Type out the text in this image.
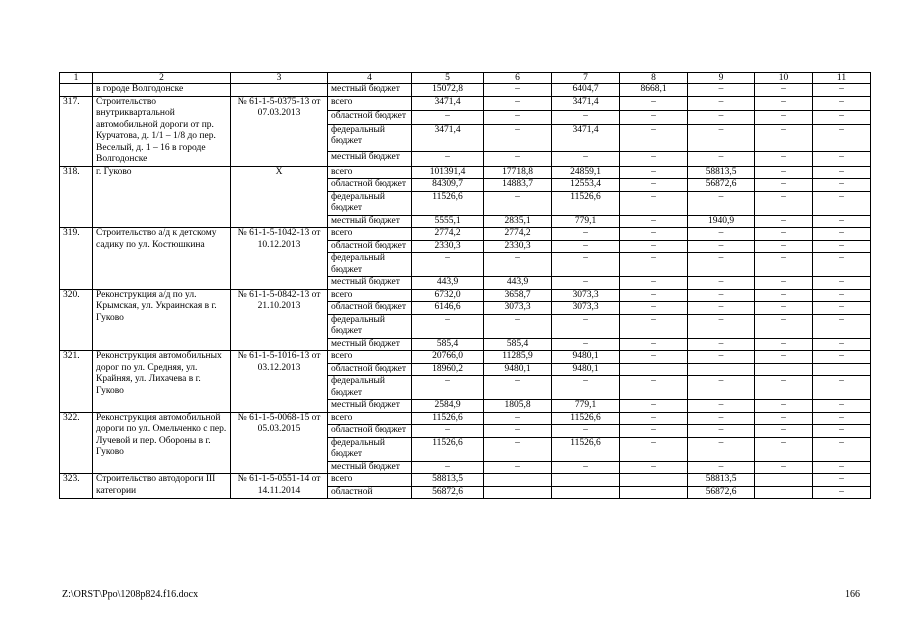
1	2	3	4	5	6	7	8	9	10	11
	в городе Волгодонске		местный бюджет	15072,8	–	6404,7	8668,1	–	–	–
317.	Строительство внутриквартальной автомобильной дороги от пр. Курчатова, д. 1/1 – 1/8 до пер. Веселый, д. 1 – 16 в городе Волгодонске	№ 61-1-5-0375-13 от 07.03.2013	всего	3471,4	–	3471,4	–	–	–	–
			областной бюджет	–	–	–	–	–	–	–
			федеральный бюджет	3471,4	–	3471,4	–	–	–	–
			местный бюджет	–	–	–	–	–	–	–
318.	г. Гуково	Х	всего	101391,4	17718,8	24859,1	–	58813,5	–	–
			областной бюджет	84309,7	14883,7	12553,4	–	56872,6	–	–
			федеральный бюджет	11526,6	–	11526,6	–	–	–	–
			местный бюджет	5555,1	2835,1	779,1	–	1940,9	–	–
319.	Строительство а/д к детскому садику по ул. Костюшкина	№ 61-1-5-1042-13 от 10.12.2013	всего	2774,2	2774,2	–	–	–	–	–
			областной бюджет	2330,3	2330,3	–	–	–	–	–
			федеральный бюджет	–	–	–	–	–	–	–
			местный бюджет	443,9	443,9	–	–	–	–	–
320.	Реконструкция а/д по ул. Крымская, ул. Украинская в г. Гуково	№ 61-1-5-0842-13 от 21.10.2013	всего	6732,0	3658,7	3073,3	–	–	–	–
			областной бюджет	6146,6	3073,3	3073,3	–	–	–	–
			федеральный бюджет	–	–	–	–	–	–	–
			местный бюджет	585,4	585,4	–	–	–	–	–
321.	Реконструкция автомобильных дорог по ул. Средняя, ул. Крайняя, ул. Лихачева в г. Гуково	№ 61-1-5-1016-13 от 03.12.2013	всего	20766,0	11285,9	9480,1	–	–	–	–
			областной бюджет	18960,2	9480,1	9480,1				
			федеральный бюджет	–	–	–	–	–	–	–
			местный бюджет	2584,9	1805,8	779,1	–	–	–	–
322.	Реконструкция автомобильной дороги по ул. Омельченко с пер. Лучевой и пер. Обороны в г. Гуково	№ 61-1-5-0068-15 от 05.03.2015	всего	11526,6	–	11526,6	–	–	–	–
			областной бюджет	–	–	–	–	–	–	–
			федеральный бюджет	11526,6	–	11526,6	–	–	–	–
			местный бюджет	–	–	–	–	–	–	–
323.	Строительство автодороги III категории	№ 61-1-5-0551-14 от 14.11.2014	всего	58813,5				58813,5		–
			областной	56872,6				56872,6		–
Z:\ORST\Ppo\1208p824.f16.docx	166
